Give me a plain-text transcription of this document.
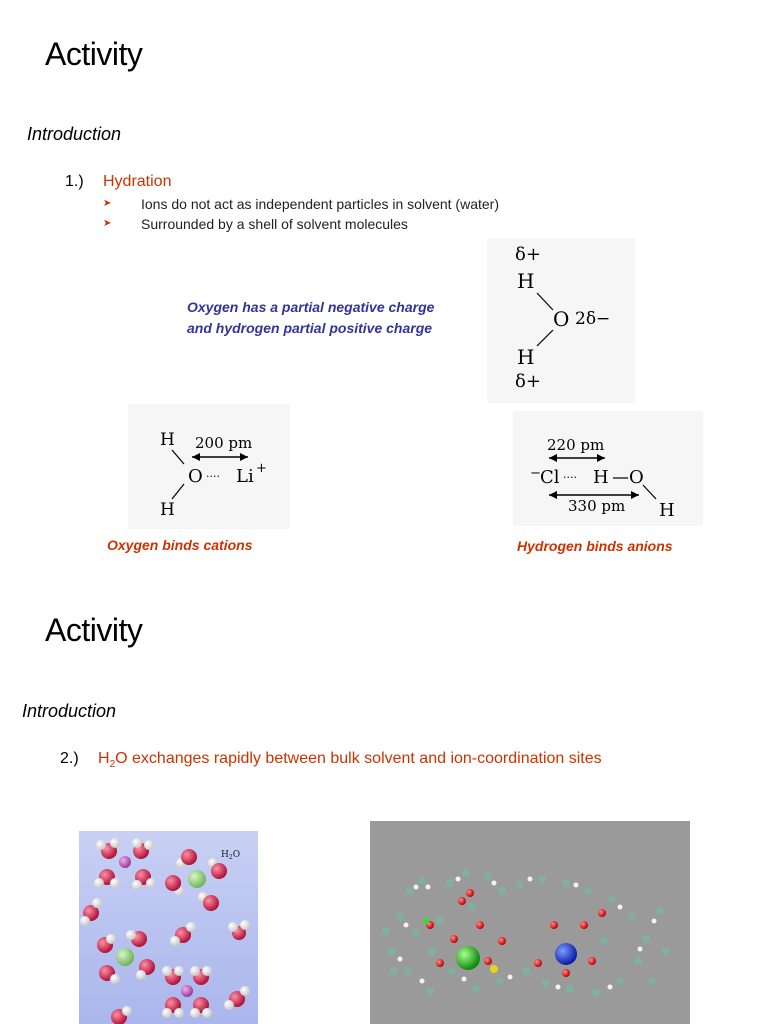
Activity
Introduction
1.) Hydration
➤ Ions do not act as independent particles in solvent (water)
➤ Surrounded by a shell of solvent molecules
Oxygen has a partial negative charge
and hydrogen partial positive charge
δ+
H
O 2δ−
H
δ+
H 200 pm
O ···· Li +
H
220 pm
− Cl ···· H O
330 pm H
Oxygen binds cations	Hydrogen binds anions
Activity
Introduction
2.) $H_2O$ exchanges rapidly between bulk solvent and ion-coordination sites
$H_2O$
